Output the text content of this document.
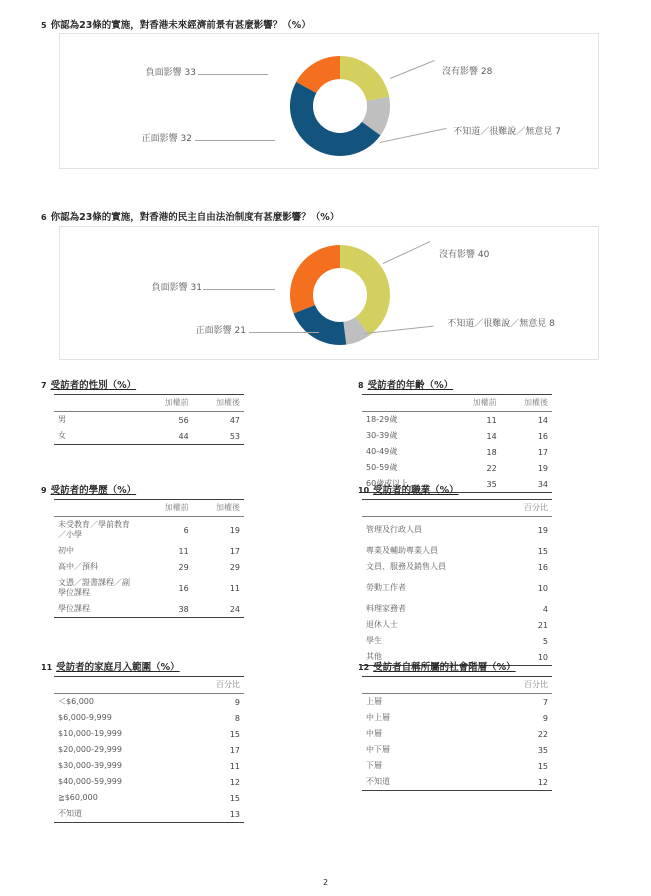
5 你認為23條的實施，對香港未來經濟前景有甚麼影響？（%）
負面影響 33
正面影響 32
沒有影響 28
不知道／很難說／無意見 7
6 你認為23條的實施，對香港的民主自由法治制度有甚麼影響？（%）
負面影響 31
正面影響 21
沒有影響 40
不知道／很難說／無意見 8
7 受訪者的性別（%）
	加權前	加權後
男	56	47
女	44	53
8 受訪者的年齡（%）
	加權前	加權後
18-29歲	11	14
30-39歲	14	16
40-49歲	18	17
50-59歲	22	19
60歲或以上	35	34
9 受訪者的學歷（%）
	加權前	加權後

未受教育／學前教育／小學	6	19
初中	11	17
高中／預科	29	29

文憑／證書課程／副學位課程	16	11
學位課程	38	24
10 受訪者的職業（%）
	百分比
管理及行政人員	19
專業及輔助專業人員	15
文員、服務及銷售人員	16
勞動工作者	10
料理家務者	4
退休人士	21
學生	5
其他	10
11 受訪者的家庭月入範圍（%）
	百分比
＜$6,000	9
$6,000-9,999	8
$10,000-19,999	15
$20,000-29,999	17
$30,000-39,999	11
$40,000-59,999	12
≧$60,000	15
不知道	13
12 受訪者自稱所屬的社會階層（%）
	百分比
上層	7
中上層	9
中層	22
中下層	35
下層	15
不知道	12
2
